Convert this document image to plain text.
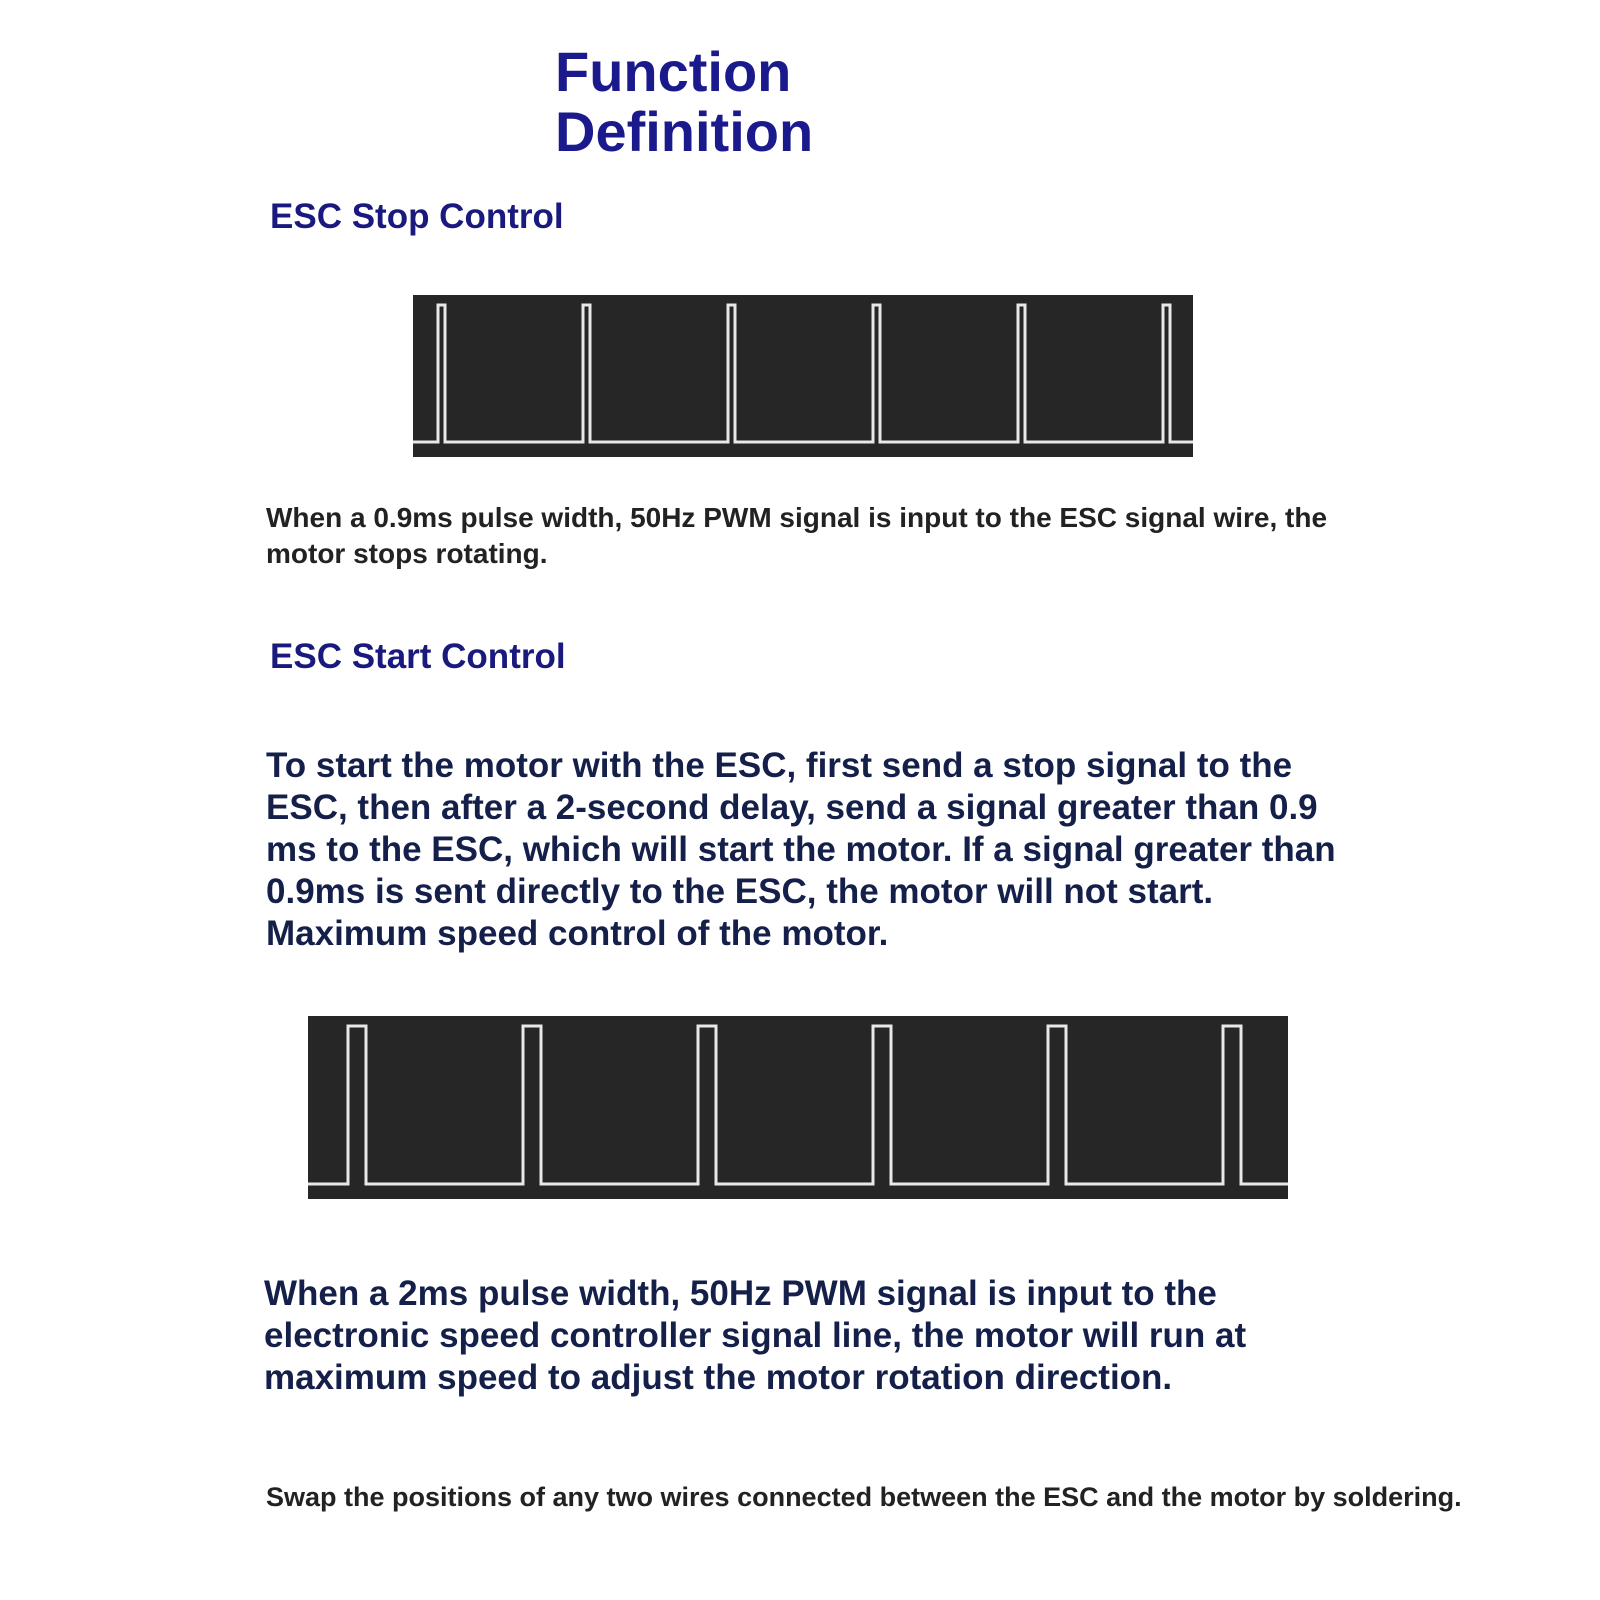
Function
Definition
ESC Stop Control

When a 0.9ms pulse width, 50Hz PWM signal is input to the ESC signal wire, the motor stops rotating.

ESC Start Control

To start the motor with the ESC, first send a stop signal to the ESC, then after a 2-second delay, send a signal greater than 0.9 ms to the ESC, which will start the motor. If a signal greater than 0.9ms is sent directly to the ESC, the motor will not start. Maximum speed control of the motor.

When a 2ms pulse width, 50Hz PWM signal is input to the electronic speed controller signal line, the motor will run at maximum speed to adjust the motor rotation direction.

Swap the positions of any two wires connected between the ESC and the motor by soldering.
